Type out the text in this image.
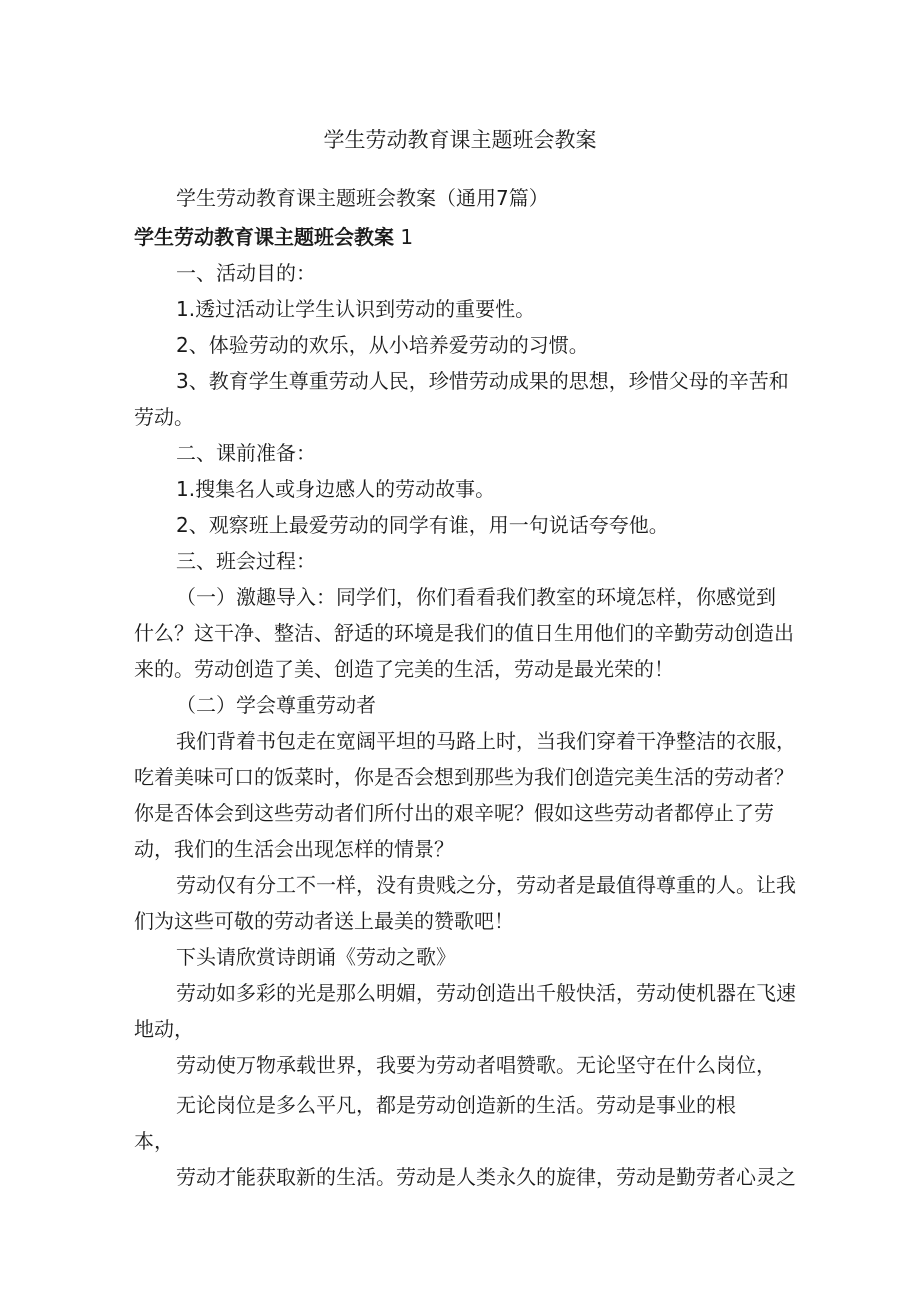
学生劳动教育课主题班会教案
学生劳动教育课主题班会教案（通用7篇）
学生劳动教育课主题班会教案 1
一、活动目的：
1.透过活动让学生认识到劳动的重要性。
2、体验劳动的欢乐，从小培养爱劳动的习惯。
3、教育学生尊重劳动人民，珍惜劳动成果的思想，珍惜父母的辛苦和
劳动。
二、课前准备：
1.搜集名人或身边感人的劳动故事。
2、观察班上最爱劳动的同学有谁，用一句说话夸夸他。
三、班会过程：
（一）激趣导入：同学们，你们看看我们教室的环境怎样，你感觉到
什么？这干净、整洁、舒适的环境是我们的值日生用他们的辛勤劳动创造出
来的。劳动创造了美、创造了完美的生活，劳动是最光荣的！
（二）学会尊重劳动者
我们背着书包走在宽阔平坦的马路上时，当我们穿着干净整洁的衣服，
吃着美味可口的饭菜时，你是否会想到那些为我们创造完美生活的劳动者？
你是否体会到这些劳动者们所付出的艰辛呢？假如这些劳动者都停止了劳
动，我们的生活会出现怎样的情景？
劳动仅有分工不一样，没有贵贱之分，劳动者是最值得尊重的人。让我
们为这些可敬的劳动者送上最美的赞歌吧！
下头请欣赏诗朗诵《劳动之歌》
劳动如多彩的光是那么明媚，劳动创造出千般快活，劳动使机器在飞速
地动，
劳动使万物承载世界，我要为劳动者唱赞歌。无论坚守在什么岗位，
无论岗位是多么平凡，都是劳动创造新的生活。劳动是事业的根
本，
劳动才能获取新的生活。劳动是人类永久的旋律，劳动是勤劳者心灵之
